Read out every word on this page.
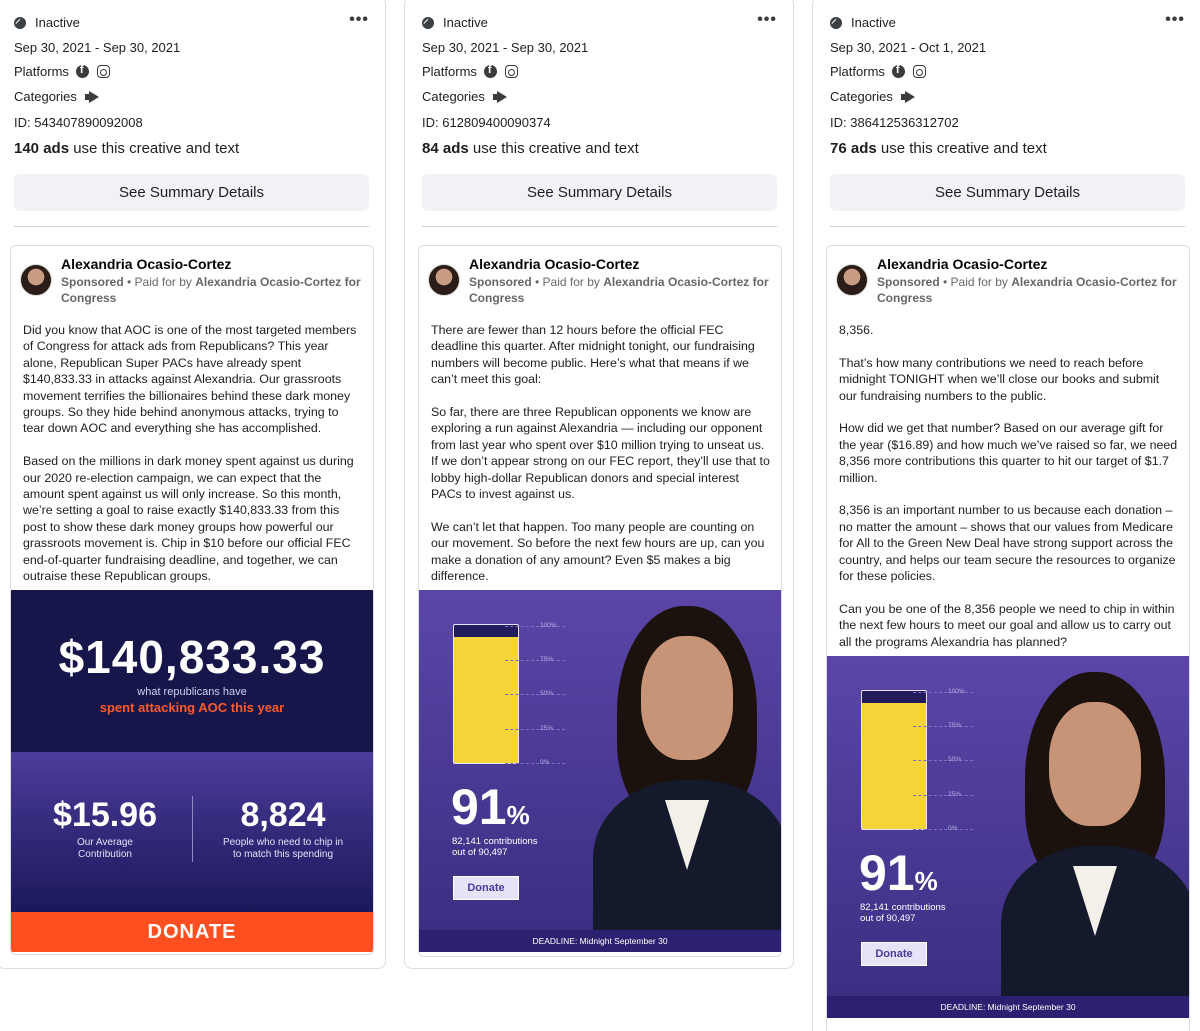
Inactive	•••
Sep 30, 2021 - Sep 30, 2021
Platforms
f
Categories
ID: 543407890092008
140 ads use this creative and text
See Summary Details
Alexandria Ocasio-Cortez
Sponsored • Paid for by Alexandria Ocasio-Cortez for Congress
Did you know that AOC is one of the most targeted members of Congress for attack ads from Republicans? This year alone, Republican Super PACs have already spent $140,833.33 in attacks against Alexandria. Our grassroots movement terrifies the billionaires behind these dark money groups. So they hide behind anonymous attacks, trying to tear down AOC and everything she has accomplished.

Based on the millions in dark money spent against us during our 2020 re-election campaign, we can expect that the amount spent against us will only increase. So this month, we’re setting a goal to raise exactly $140,833.33 from this post to show these dark money groups how powerful our grassroots movement is. Chip in $10 before our official FEC end-of-quarter fundraising deadline, and together, we can outraise these Republican groups.
$140,833.33
what republicans have
spent attacking AOC this year
$15.96
Our Average Contribution
8,824
People who need to chip in to match this spending
DONATE
Inactive	•••
Sep 30, 2021 - Sep 30, 2021
Platforms
f
Categories
ID: 612809400090374
84 ads use this creative and text
See Summary Details
Alexandria Ocasio-Cortez
Sponsored • Paid for by Alexandria Ocasio-Cortez for Congress
There are fewer than 12 hours before the official FEC deadline this quarter. After midnight tonight, our fundraising numbers will become public. Here’s what that means if we can’t meet this goal:

So far, there are three Republican opponents we know are exploring a run against Alexandria — including our opponent from last year who spent over $10 million trying to unseat us. If we don’t appear strong on our FEC report, they’ll use that to lobby high-dollar Republican donors and special interest PACs to invest against us.

We can’t let that happen. Too many people are counting on our movement. So before the next few hours are up, can you make a donation of any amount? Even $5 makes a big difference.
100%
75%
50%
25%
0%
91%
82,141 contributions
out of 90,497
Donate
DEADLINE: Midnight September 30
Inactive	•••
Sep 30, 2021 - Oct 1, 2021
Platforms
f
Categories
ID: 386412536312702
76 ads use this creative and text
See Summary Details
Alexandria Ocasio-Cortez
Sponsored • Paid for by Alexandria Ocasio-Cortez for Congress
8,356.

That’s how many contributions we need to reach before midnight TONIGHT when we’ll close our books and submit our fundraising numbers to the public.

How did we get that number? Based on our average gift for the year ($16.89) and how much we’ve raised so far, we need 8,356 more contributions this quarter to hit our target of $1.7 million.

8,356 is an important number to us because each donation – no matter the amount – shows that our values from Medicare for All to the Green New Deal have strong support across the country, and helps our team secure the resources to organize for these policies.

Can you be one of the 8,356 people we need to chip in within the next few hours to meet our goal and allow us to carry out all the programs Alexandria has planned?
100%
75%
50%
25%
0%
91%
82,141 contributions
out of 90,497
Donate
DEADLINE: Midnight September 30
